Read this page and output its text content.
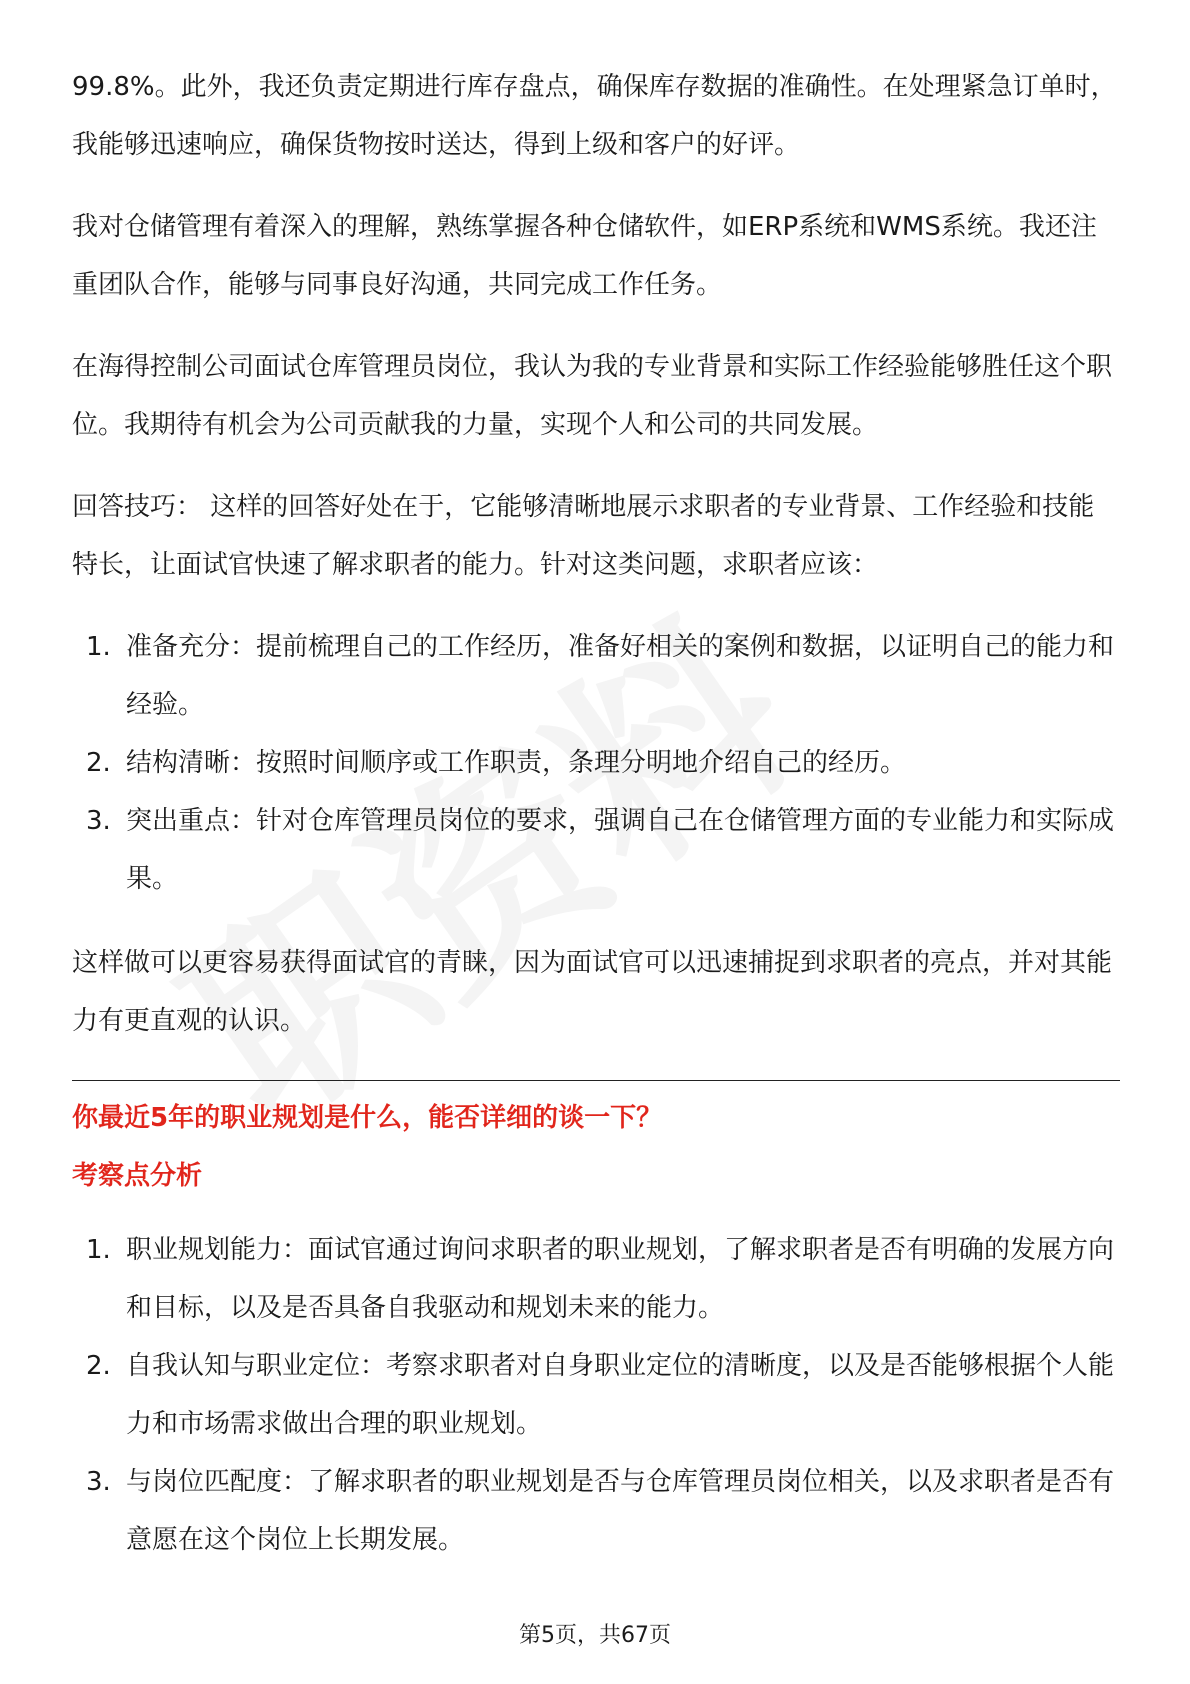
99.8%。此外，我还负责定期进行库存盘点，确保库存数据的准确性。在处理紧急订单时，我能够迅速响应，确保货物按时送达，得到上级和客户的好评。

我对仓储管理有着深入的理解，熟练掌握各种仓储软件，如ERP系统和WMS系统。我还注重团队合作，能够与同事良好沟通，共同完成工作任务。

在海得控制公司面试仓库管理员岗位，我认为我的专业背景和实际工作经验能够胜任这个职位。我期待有机会为公司贡献我的力量，实现个人和公司的共同发展。

回答技巧： 这样的回答好处在于，它能够清晰地展示求职者的专业背景、工作经验和技能特长，让面试官快速了解求职者的能力。针对这类问题，求职者应该：

1. 准备充分：提前梳理自己的工作经历，准备好相关的案例和数据，以证明自己的能力和经验。
2. 结构清晰：按照时间顺序或工作职责，条理分明地介绍自己的经历。
3. 突出重点：针对仓库管理员岗位的要求，强调自己在仓储管理方面的专业能力和实际成果。

这样做可以更容易获得面试官的青睐，因为面试官可以迅速捕捉到求职者的亮点，并对其能力有更直观的认识。

你最近5年的职业规划是什么，能否详细的谈一下？
考察点分析
1. 职业规划能力：面试官通过询问求职者的职业规划，了解求职者是否有明确的发展方向和目标，以及是否具备自我驱动和规划未来的能力。
2. 自我认知与职业定位：考察求职者对自身职业定位的清晰度，以及是否能够根据个人能力和市场需求做出合理的职业规划。
3. 与岗位匹配度：了解求职者的职业规划是否与仓库管理员岗位相关，以及求职者是否有意愿在这个岗位上长期发展。
第5页，共67页
